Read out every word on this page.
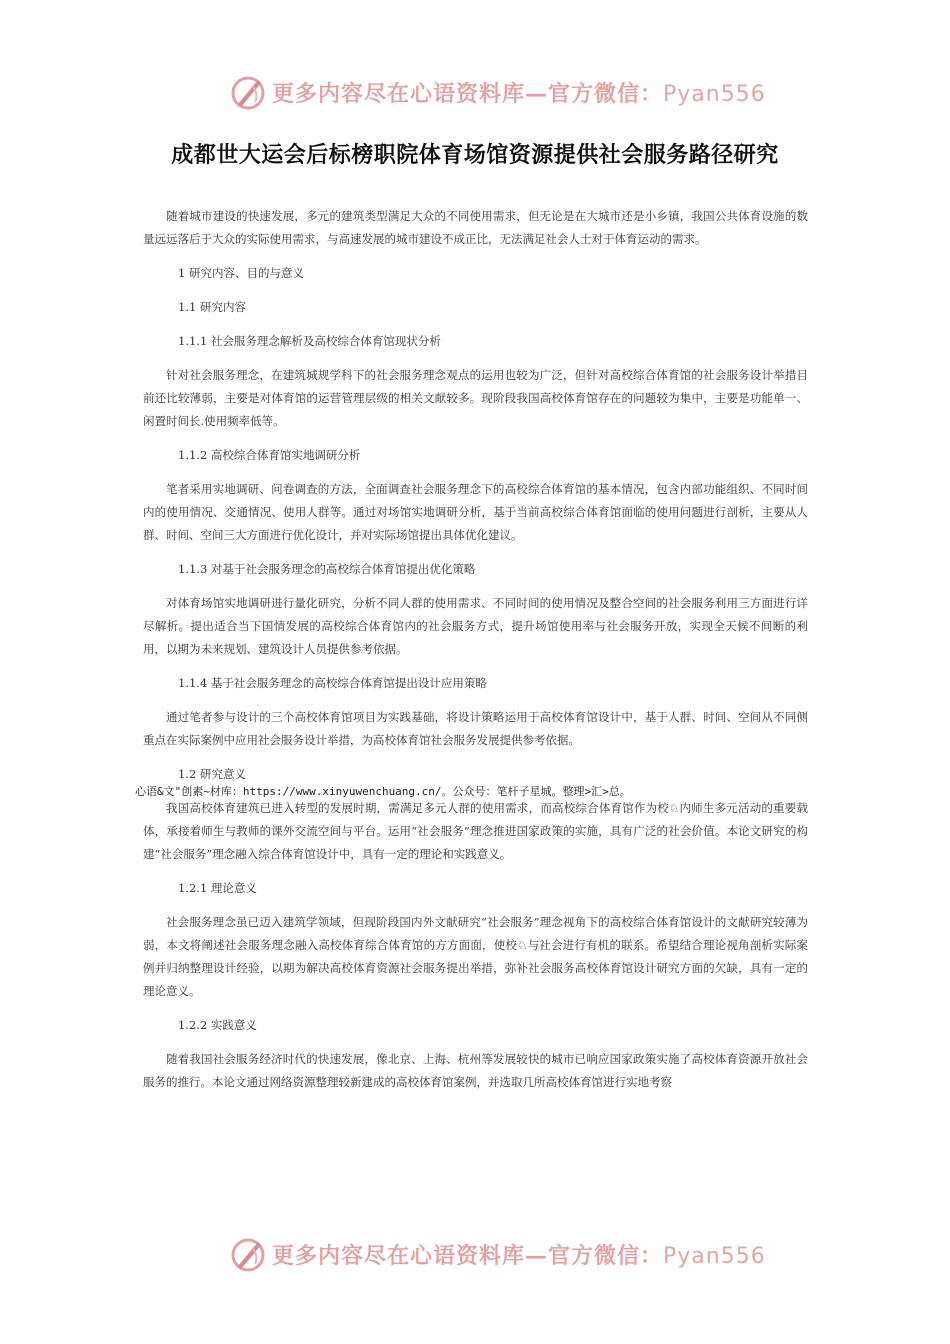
更多内容尽在心语资料库—官方微信：Pyan556
成都世大运会后标榜职院体育场馆资源提供社会服务路径研究
随着城市建设的快速发展，多元的建筑类型满足大众的不同使用需求，但无论是在大城市还是小乡镇，我国公共体育设施的数量远远落后于大众的实际使用需求，与高速发展的城市建设不成正比，无法满足社会人士对于体育运动的需求。
1 研究内容、目的与意义
1.1 研究内容
1.1.1 社会服务理念解析及高校综合体育馆现状分析
针对社会服务理念，在建筑城规学科下的社会服务理念观点的运用也较为广泛，但针对高校综合体育馆的社会服务设计举措目前还比较薄弱，主要是对体育馆的运营管理层级的相关文献较多。现阶段我国高校体育馆存在的问题较为集中，主要是功能单一、闲置时间长.使用频率低等。
1.1.2 高校综合体育馆实地调研分析
笔者采用实地调研、问卷调查的方法，全面调查社会服务理念下的高校综合体育馆的基本情况，包含内部功能组织、不同时间内的使用情况、交通情况、使用人群等。通过对场馆实地调研分析，基于当前高校综合体育馆面临的使用问题进行剖析，主要从人群、时间、空间三大方面进行优化设计，并对实际场馆提出具体优化建议。
1.1.3 对基于社会服务理念的高校综合体育馆提出优化策略
对体育场馆实地调研进行量化研究，分析不同人群的使用需求、不同时间的使用情况及整合空间的社会服务利用三方面进行详尽解析。提出适合当下国情发展的高校综合体育馆内的社会服务方式，提升场馆使用率与社会服务开放，实现全天候不间断的利用，以期为未来规划、建筑设计人员提供参考依据。
1.1.4 基于社会服务理念的高校综合体育馆提出设计应用策略
通过笔者参与设计的三个高校体育馆项目为实践基础，将设计策略运用于高校体育馆设计中，基于人群、时间、空间从不同侧重点在实际案例中应用社会服务设计举措，为高校体育馆社会服务发展提供参考依据。
1.2 研究意义
心语&文"创素~材库：https://www.xinyuwenchuang.cn/。公众号：笔杆子星城。整理>汇>总。
我国高校体育建筑已进入转型的发展时期，需满足多元人群的使用需求，而高校综合体育馆作为校♘内师生多元活动的重要载体，承接着师生与教师的课外交流空间与平台。运用“社会服务”理念推进国家政策的实施，具有广泛的社会价值。本论文研究的构建“社会服务”理念融入综合体育馆设计中，具有一定的理论和实践意义。
1.2.1 理论意义
社会服务理念虽已迈入建筑学领域，但现阶段国内外文献研究“社会服务”理念视角下的高校综合体育馆设计的文献研究较薄为弱，本文将阐述社会服务理念融入高校体育综合体育馆的方方面面，使校♘与社会进行有机的联系。希望结合理论视角剖析实际案例并归纳整理设计经验，以期为解决高校体育资源社会服务提出举措，弥补社会服务高校体育馆设计研究方面的欠缺，具有一定的理论意义。
1.2.2 实践意义
随着我国社会服务经济时代的快速发展，像北京、上海、杭州等发展较快的城市已响应国家政策实施了高校体育资源开放社会服务的推行。本论文通过网络资源整理较新建成的高校体育馆案例，并选取几所高校体育馆进行实地考察
更多内容尽在心语资料库—官方微信：Pyan556
